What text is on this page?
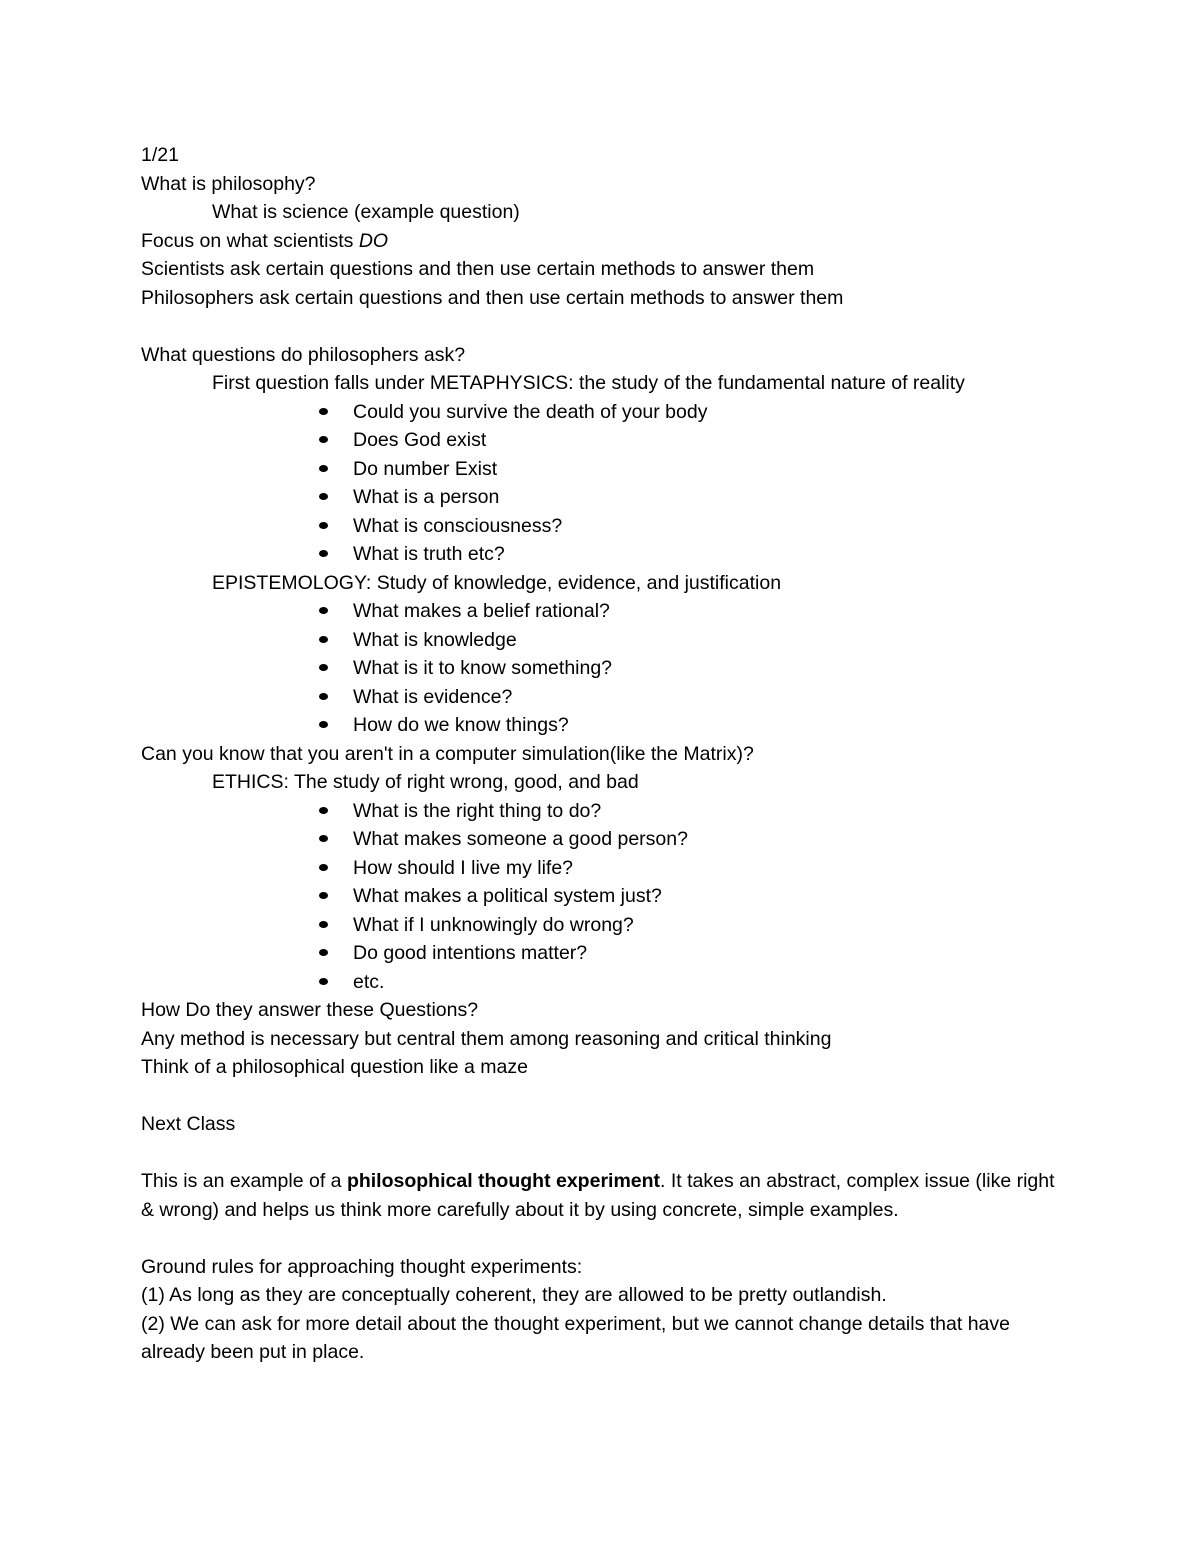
1/21
What is philosophy?
What is science (example question)
Focus on what scientists DO
Scientists ask certain questions and then use certain methods to answer them
Philosophers ask certain questions and then use certain methods to answer them
What questions do philosophers ask?
First question falls under METAPHYSICS: the study of the fundamental nature of reality
Could you survive the death of your body
Does God exist
Do number Exist
What is a person
What is consciousness?
What is truth etc?
EPISTEMOLOGY: Study of knowledge, evidence, and justification
What makes a belief rational?
What is knowledge
What is it to know something?
What is evidence?
How do we know things?
Can you know that you aren't in a computer simulation(like the Matrix)?
ETHICS: The study of right wrong, good, and bad
What is the right thing to do?
What makes someone a good person?
How should I live my life?
What makes a political system just?
What if I unknowingly do wrong?
Do good intentions matter?
etc.
How Do they answer these Questions?
Any method is necessary but central them among reasoning and critical thinking
Think of a philosophical question like a maze
Next Class

This is an example of a philosophical thought experiment. It takes an abstract, complex issue (like right & wrong) and helps us think more carefully about it by using concrete, simple examples.

Ground rules for approaching thought experiments:

(1) As long as they are conceptually coherent, they are allowed to be pretty outlandish.

(2) We can ask for more detail about the thought experiment, but we cannot change details that have already been put in place.
